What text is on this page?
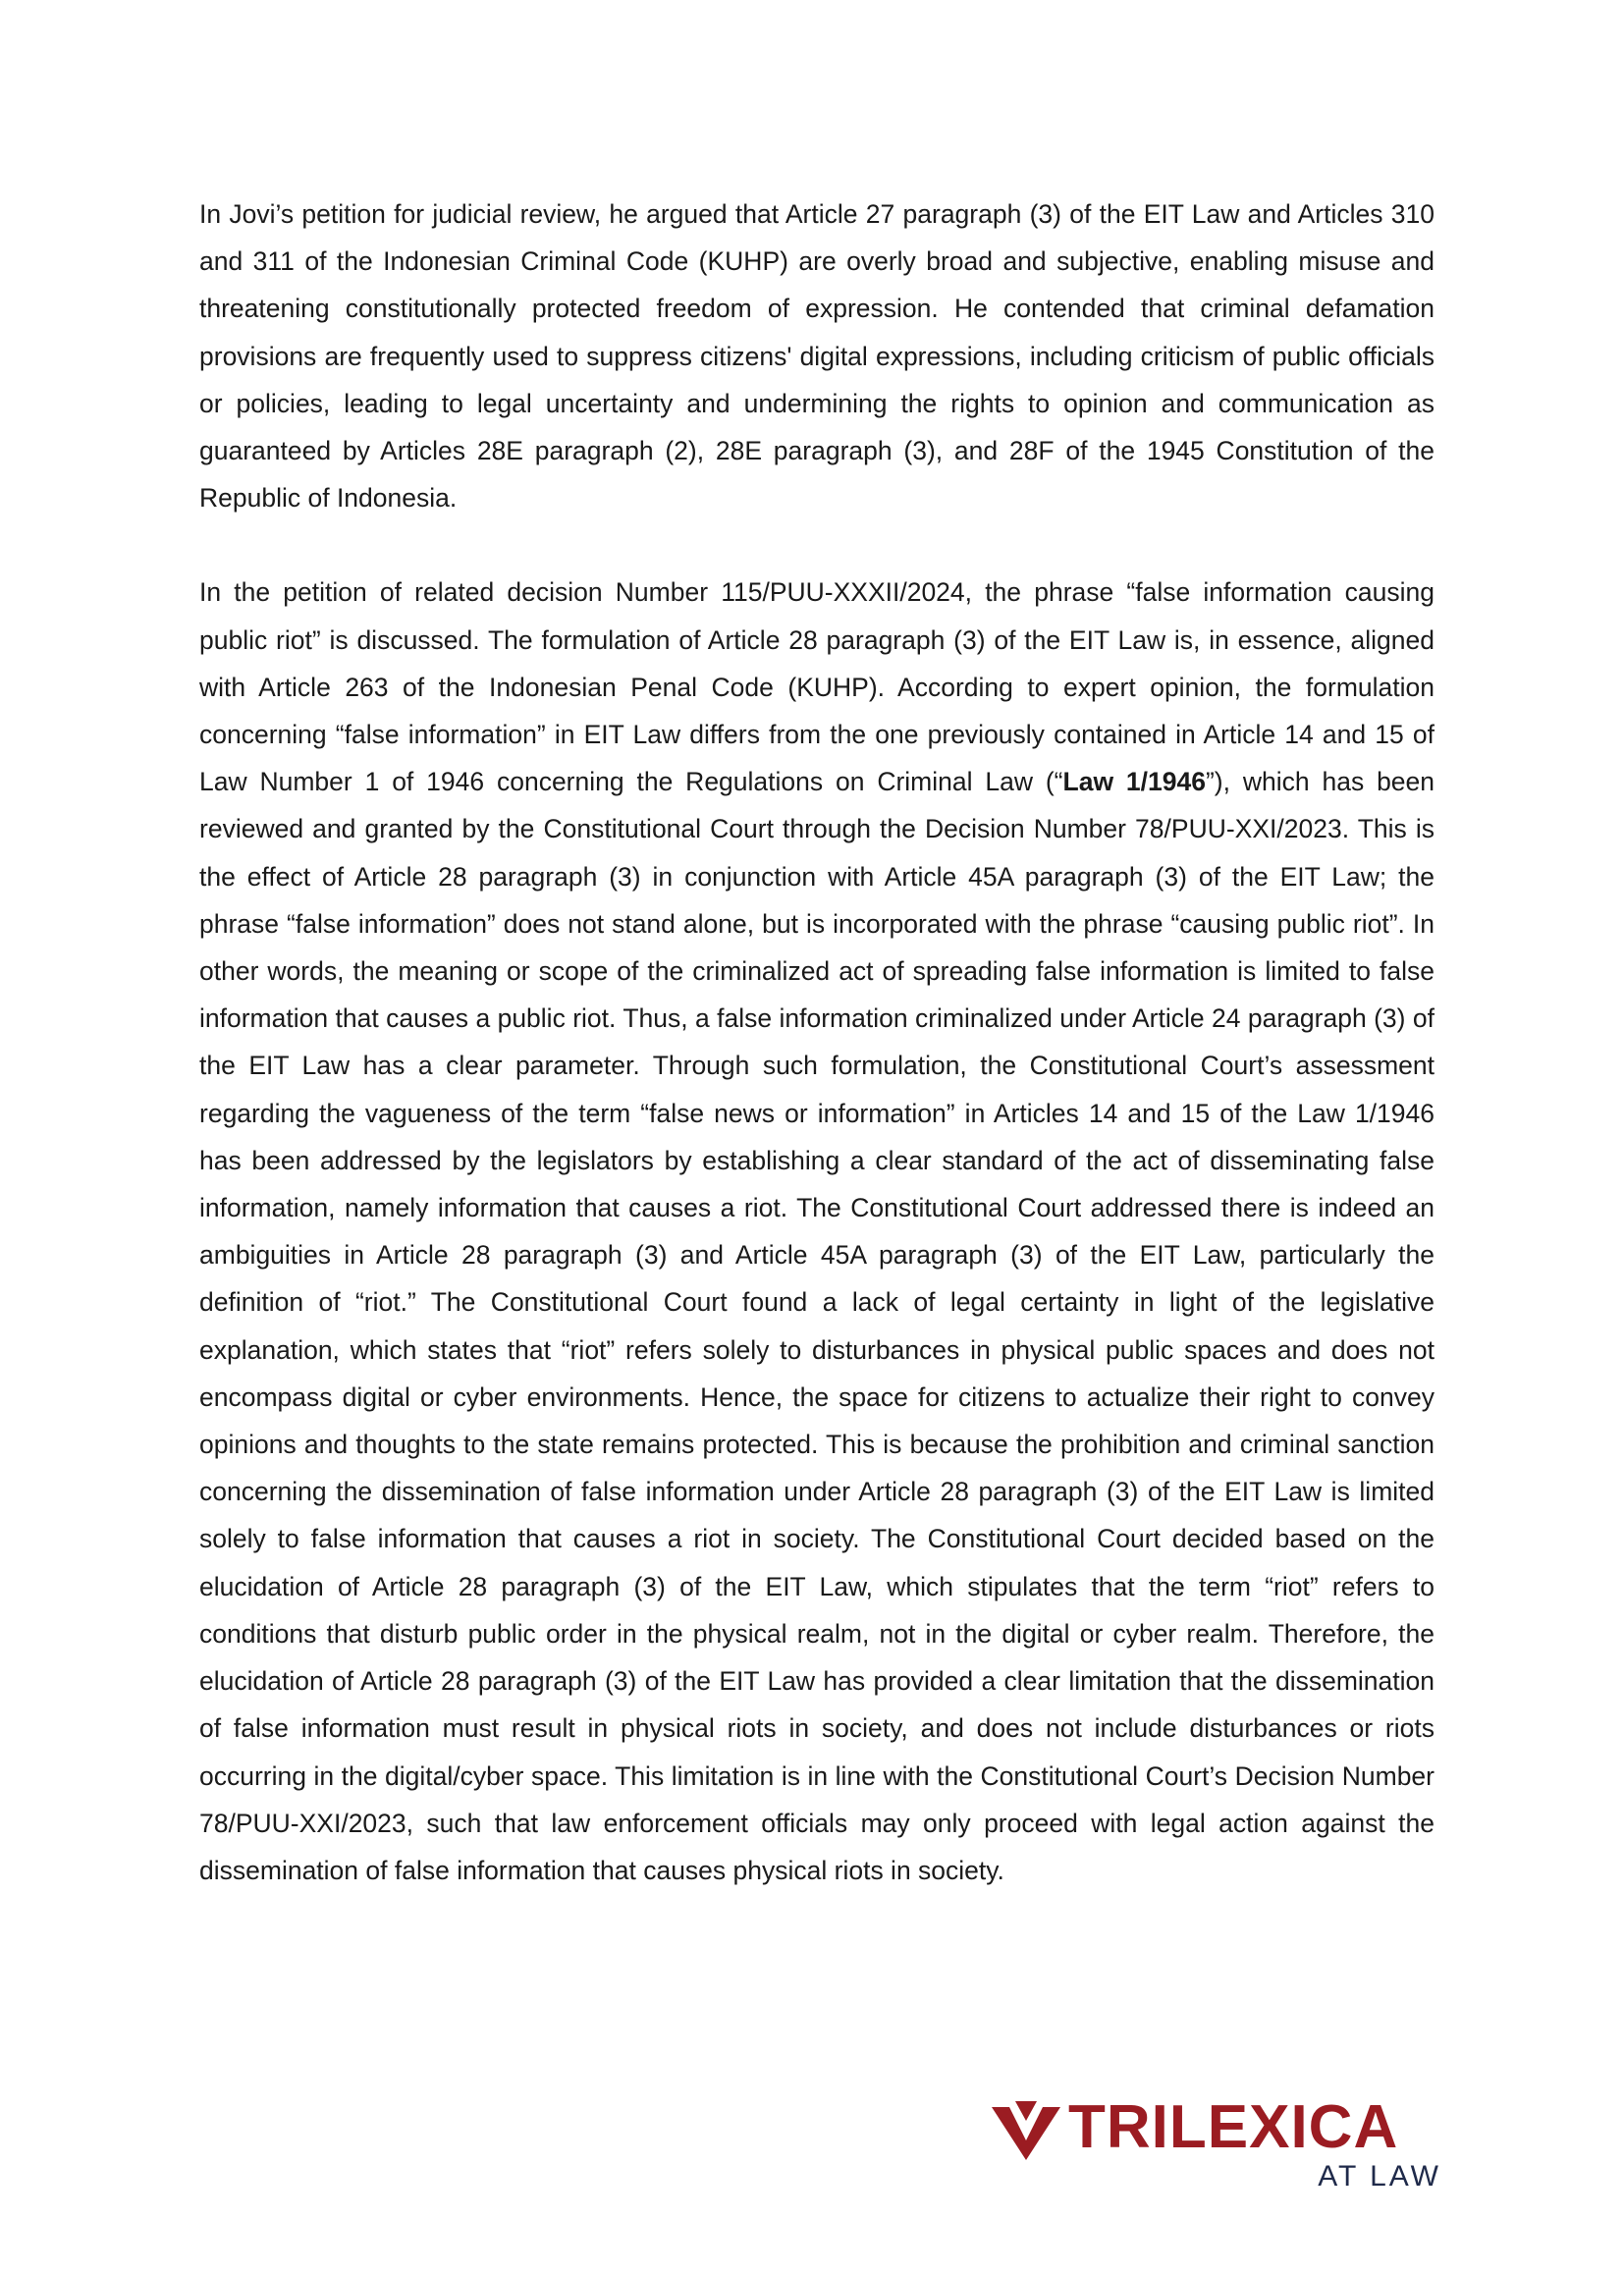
In Jovi’s petition for judicial review, he argued that Article 27 paragraph (3) of the EIT Law and Articles 310 and 311 of the Indonesian Criminal Code (KUHP) are overly broad and subjective, enabling misuse and threatening constitutionally protected freedom of expression. He contended that criminal defamation provisions are frequently used to suppress citizens' digital expressions, including criticism of public officials or policies, leading to legal uncertainty and undermining the rights to opinion and communication as guaranteed by Articles 28E paragraph (2), 28E paragraph (3), and 28F of the 1945 Constitution of the Republic of Indonesia.

In the petition of related decision Number 115/PUU-XXXII/2024, the phrase “false information causing public riot” is discussed. The formulation of Article 28 paragraph (3) of the EIT Law is, in essence, aligned with Article 263 of the Indonesian Penal Code (KUHP). According to expert opinion, the formulation concerning “false information” in EIT Law differs from the one previously contained in Article 14 and 15 of Law Number 1 of 1946 concerning the Regulations on Criminal Law (“Law 1/1946”), which has been reviewed and granted by the Constitutional Court through the Decision Number 78/PUU-XXI/2023. This is the effect of Article 28 paragraph (3) in conjunction with Article 45A paragraph (3) of the EIT Law; the phrase “false information” does not stand alone, but is incorporated with the phrase “causing public riot”. In other words, the meaning or scope of the criminalized act of spreading false information is limited to false information that causes a public riot. Thus, a false information criminalized under Article 24 paragraph (3) of the EIT Law has a clear parameter. Through such formulation, the Constitutional Court’s assessment regarding the vagueness of the term “false news or information” in Articles 14 and 15 of the Law 1/1946 has been addressed by the legislators by establishing a clear standard of the act of disseminating false information, namely information that causes a riot. The Constitutional Court addressed there is indeed an ambiguities in Article 28 paragraph (3) and Article 45A paragraph (3) of the EIT Law, particularly the definition of “riot.” The Constitutional Court found a lack of legal certainty in light of the legislative explanation, which states that “riot” refers solely to disturbances in physical public spaces and does not encompass digital or cyber environments. Hence, the space for citizens to actualize their right to convey opinions and thoughts to the state remains protected. This is because the prohibition and criminal sanction concerning the dissemination of false information under Article 28 paragraph (3) of the EIT Law is limited solely to false information that causes a riot in society. The Constitutional Court decided based on the elucidation of Article 28 paragraph (3) of the EIT Law, which stipulates that the term “riot” refers to conditions that disturb public order in the physical realm, not in the digital or cyber realm. Therefore, the elucidation of Article 28 paragraph (3) of the EIT Law has provided a clear limitation that the dissemination of false information must result in physical riots in society, and does not include disturbances or riots occurring in the digital/cyber space. This limitation is in line with the Constitutional Court’s Decision Number 78/PUU-XXI/2023, such that law enforcement officials may only proceed with legal action against the dissemination of false information that causes physical riots in society.

TRILEXICA
AT LAW
